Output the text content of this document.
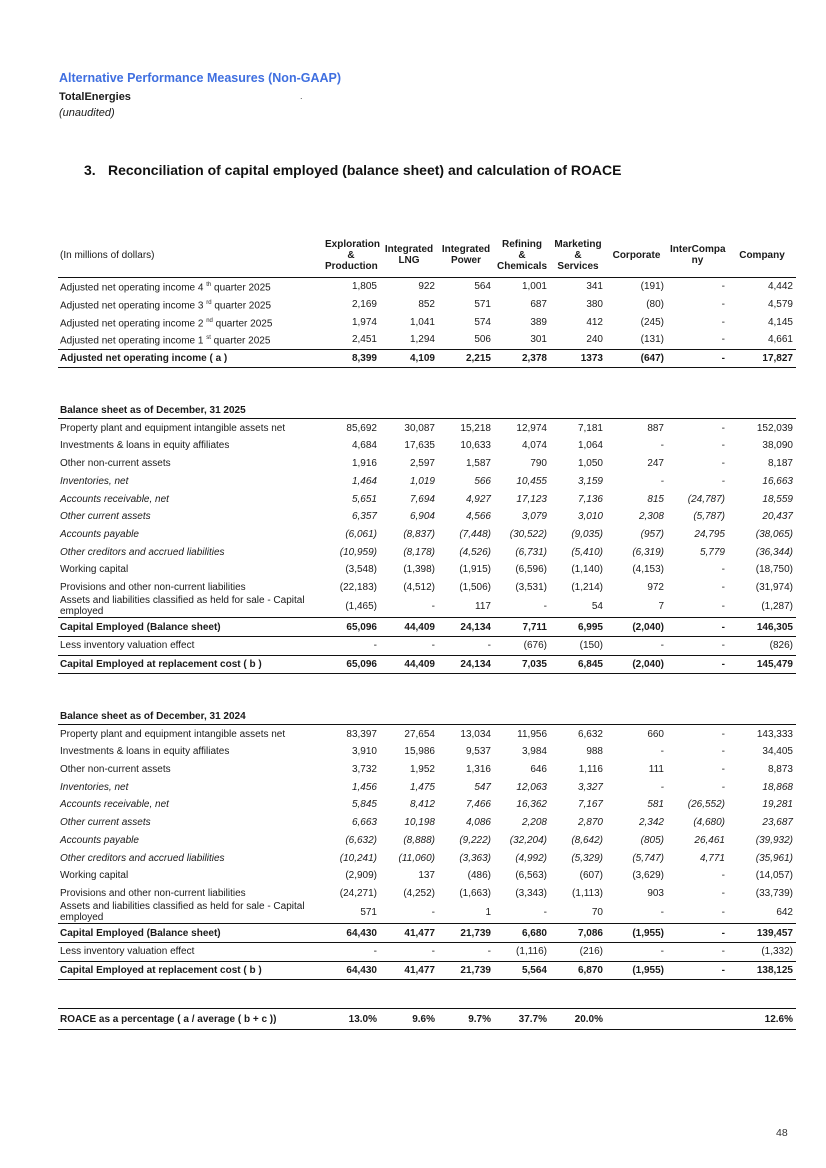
Alternative Performance Measures (Non-GAAP)
TotalEnergies	.
(unaudited)
3. Reconciliation of capital employed (balance sheet) and calculation of ROACE
(In millions of dollars)	Exploration
&
Production	Integrated
LNG	Integrated
Power	Refining
&
Chemicals	Marketing
&
Services	Corporate	InterCompa
ny	Company
Adjusted net operating income 4 $^{th}$ quarter 2025	1,805	922	564	1,001	341	(191)	-	4,442
Adjusted net operating income 3 $^{rd}$ quarter 2025	2,169	852	571	687	380	(80)	-	4,579
Adjusted net operating income 2 $^{nd}$ quarter 2025	1,974	1,041	574	389	412	(245)	-	4,145
Adjusted net operating income 1 $^{st}$ quarter 2025	2,451	1,294	506	301	240	(131)	-	4,661
Adjusted net operating income ( a )	8,399	4,109	2,215	2,378	1373	(647)	-	17,827

Balance sheet as of December, 31 2025								
Property plant and equipment intangible assets net	85,692	30,087	15,218	12,974	7,181	887	-	152,039
Investments & loans in equity affiliates	4,684	17,635	10,633	4,074	1,064	-	-	38,090
Other non-current assets	1,916	2,597	1,587	790	1,050	247	-	8,187
Inventories, net	1,464	1,019	566	10,455	3,159	-	-	16,663
Accounts receivable, net	5,651	7,694	4,927	17,123	7,136	815	(24,787)	18,559
Other current assets	6,357	6,904	4,566	3,079	3,010	2,308	(5,787)	20,437
Accounts payable	(6,061)	(8,837)	(7,448)	(30,522)	(9,035)	(957)	24,795	(38,065)
Other creditors and accrued liabilities	(10,959)	(8,178)	(4,526)	(6,731)	(5,410)	(6,319)	5,779	(36,344)
Working capital	(3,548)	(1,398)	(1,915)	(6,596)	(1,140)	(4,153)	-	(18,750)
Provisions and other non-current liabilities	(22,183)	(4,512)	(1,506)	(3,531)	(1,214)	972	-	(31,974)
Assets and liabilities classified as held for sale - Capital employed	(1,465)	-	117	-	54	7	-	(1,287)
Capital Employed (Balance sheet)	65,096	44,409	24,134	7,711	6,995	(2,040)	-	146,305
Less inventory valuation effect	-	-	-	(676)	(150)	-	-	(826)
Capital Employed at replacement cost ( b )	65,096	44,409	24,134	7,035	6,845	(2,040)	-	145,479

Balance sheet as of December, 31 2024								
Property plant and equipment intangible assets net	83,397	27,654	13,034	11,956	6,632	660	-	143,333
Investments & loans in equity affiliates	3,910	15,986	9,537	3,984	988	-	-	34,405
Other non-current assets	3,732	1,952	1,316	646	1,116	111	-	8,873
Inventories, net	1,456	1,475	547	12,063	3,327	-	-	18,868
Accounts receivable, net	5,845	8,412	7,466	16,362	7,167	581	(26,552)	19,281
Other current assets	6,663	10,198	4,086	2,208	2,870	2,342	(4,680)	23,687
Accounts payable	(6,632)	(8,888)	(9,222)	(32,204)	(8,642)	(805)	26,461	(39,932)
Other creditors and accrued liabilities	(10,241)	(11,060)	(3,363)	(4,992)	(5,329)	(5,747)	4,771	(35,961)
Working capital	(2,909)	137	(486)	(6,563)	(607)	(3,629)	-	(14,057)
Provisions and other non-current liabilities	(24,271)	(4,252)	(1,663)	(3,343)	(1,113)	903	-	(33,739)
Assets and liabilities classified as held for sale - Capital employed	571	-	1	-	70	-	-	642
Capital Employed (Balance sheet)	64,430	41,477	21,739	6,680	7,086	(1,955)	-	139,457
Less inventory valuation effect	-	-	-	(1,116)	(216)	-	-	(1,332)
Capital Employed at replacement cost ( b )	64,430	41,477	21,739	5,564	6,870	(1,955)	-	138,125

ROACE as a percentage ( a / average ( b + c ))	13.0%	9.6%	9.7%	37.7%	20.0%			12.6%
48
